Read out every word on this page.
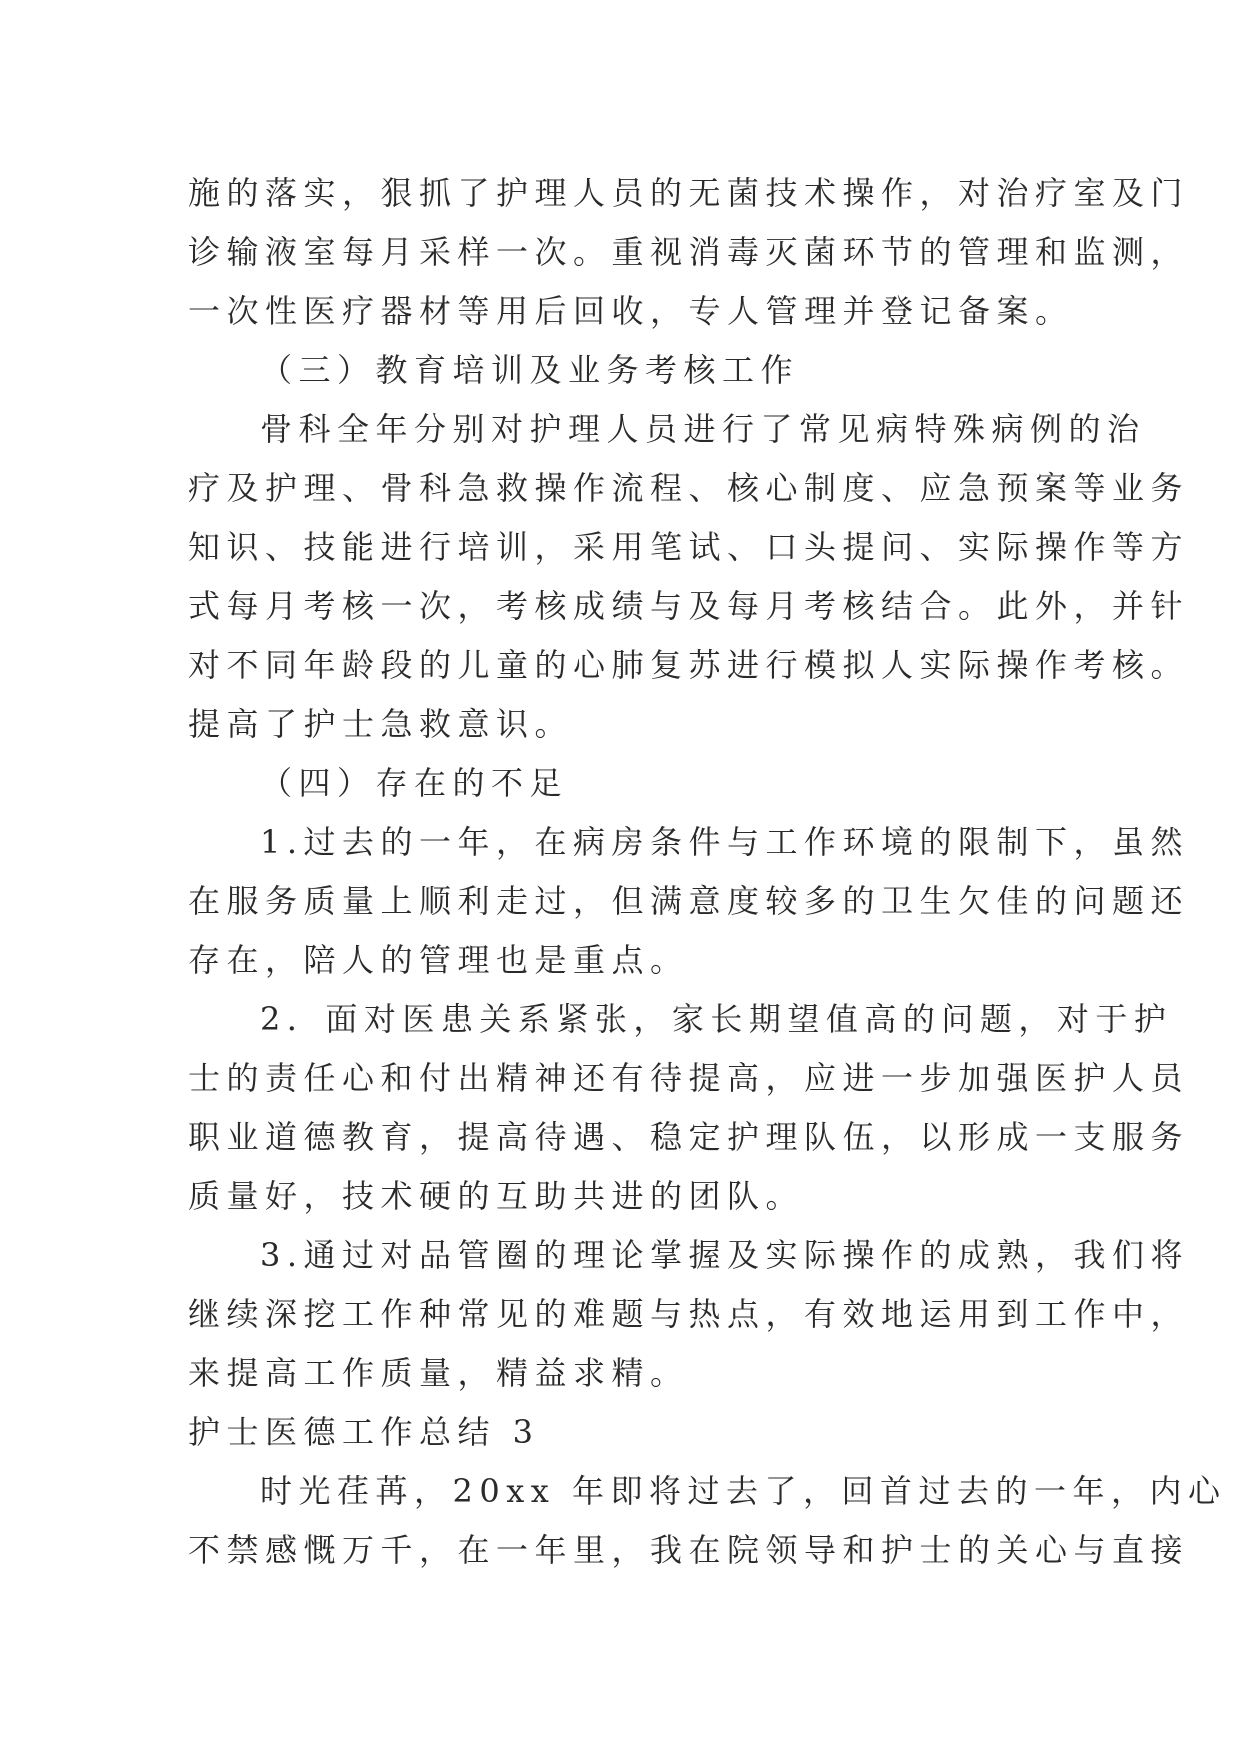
施的落实，狠抓了护理人员的无菌技术操作，对治疗室及门
诊输液室每月采样一次。重视消毒灭菌环节的管理和监测，
一次性医疗器材等用后回收，专人管理并登记备案。
（三）教育培训及业务考核工作
骨科全年分别对护理人员进行了常见病特殊病例的治
疗及护理、骨科急救操作流程、核心制度、应急预案等业务
知识、技能进行培训，采用笔试、口头提问、实际操作等方
式每月考核一次，考核成绩与及每月考核结合。此外，并针
对不同年龄段的儿童的心肺复苏进行模拟人实际操作考核。
提高了护士急救意识。
（四）存在的不足
1.过去的一年，在病房条件与工作环境的限制下，虽然
在服务质量上顺利走过，但满意度较多的卫生欠佳的问题还
存在，陪人的管理也是重点。
2．面对医患关系紧张，家长期望值高的问题，对于护
士的责任心和付出精神还有待提高，应进一步加强医护人员
职业道德教育，提高待遇、稳定护理队伍，以形成一支服务
质量好，技术硬的互助共进的团队。
3.通过对品管圈的理论掌握及实际操作的成熟，我们将
继续深挖工作种常见的难题与热点，有效地运用到工作中，
来提高工作质量，精益求精。
护士医德工作总结 3
时光荏苒，20xx 年即将过去了，回首过去的一年，内心
不禁感慨万千，在一年里，我在院领导和护士的关心与直接
